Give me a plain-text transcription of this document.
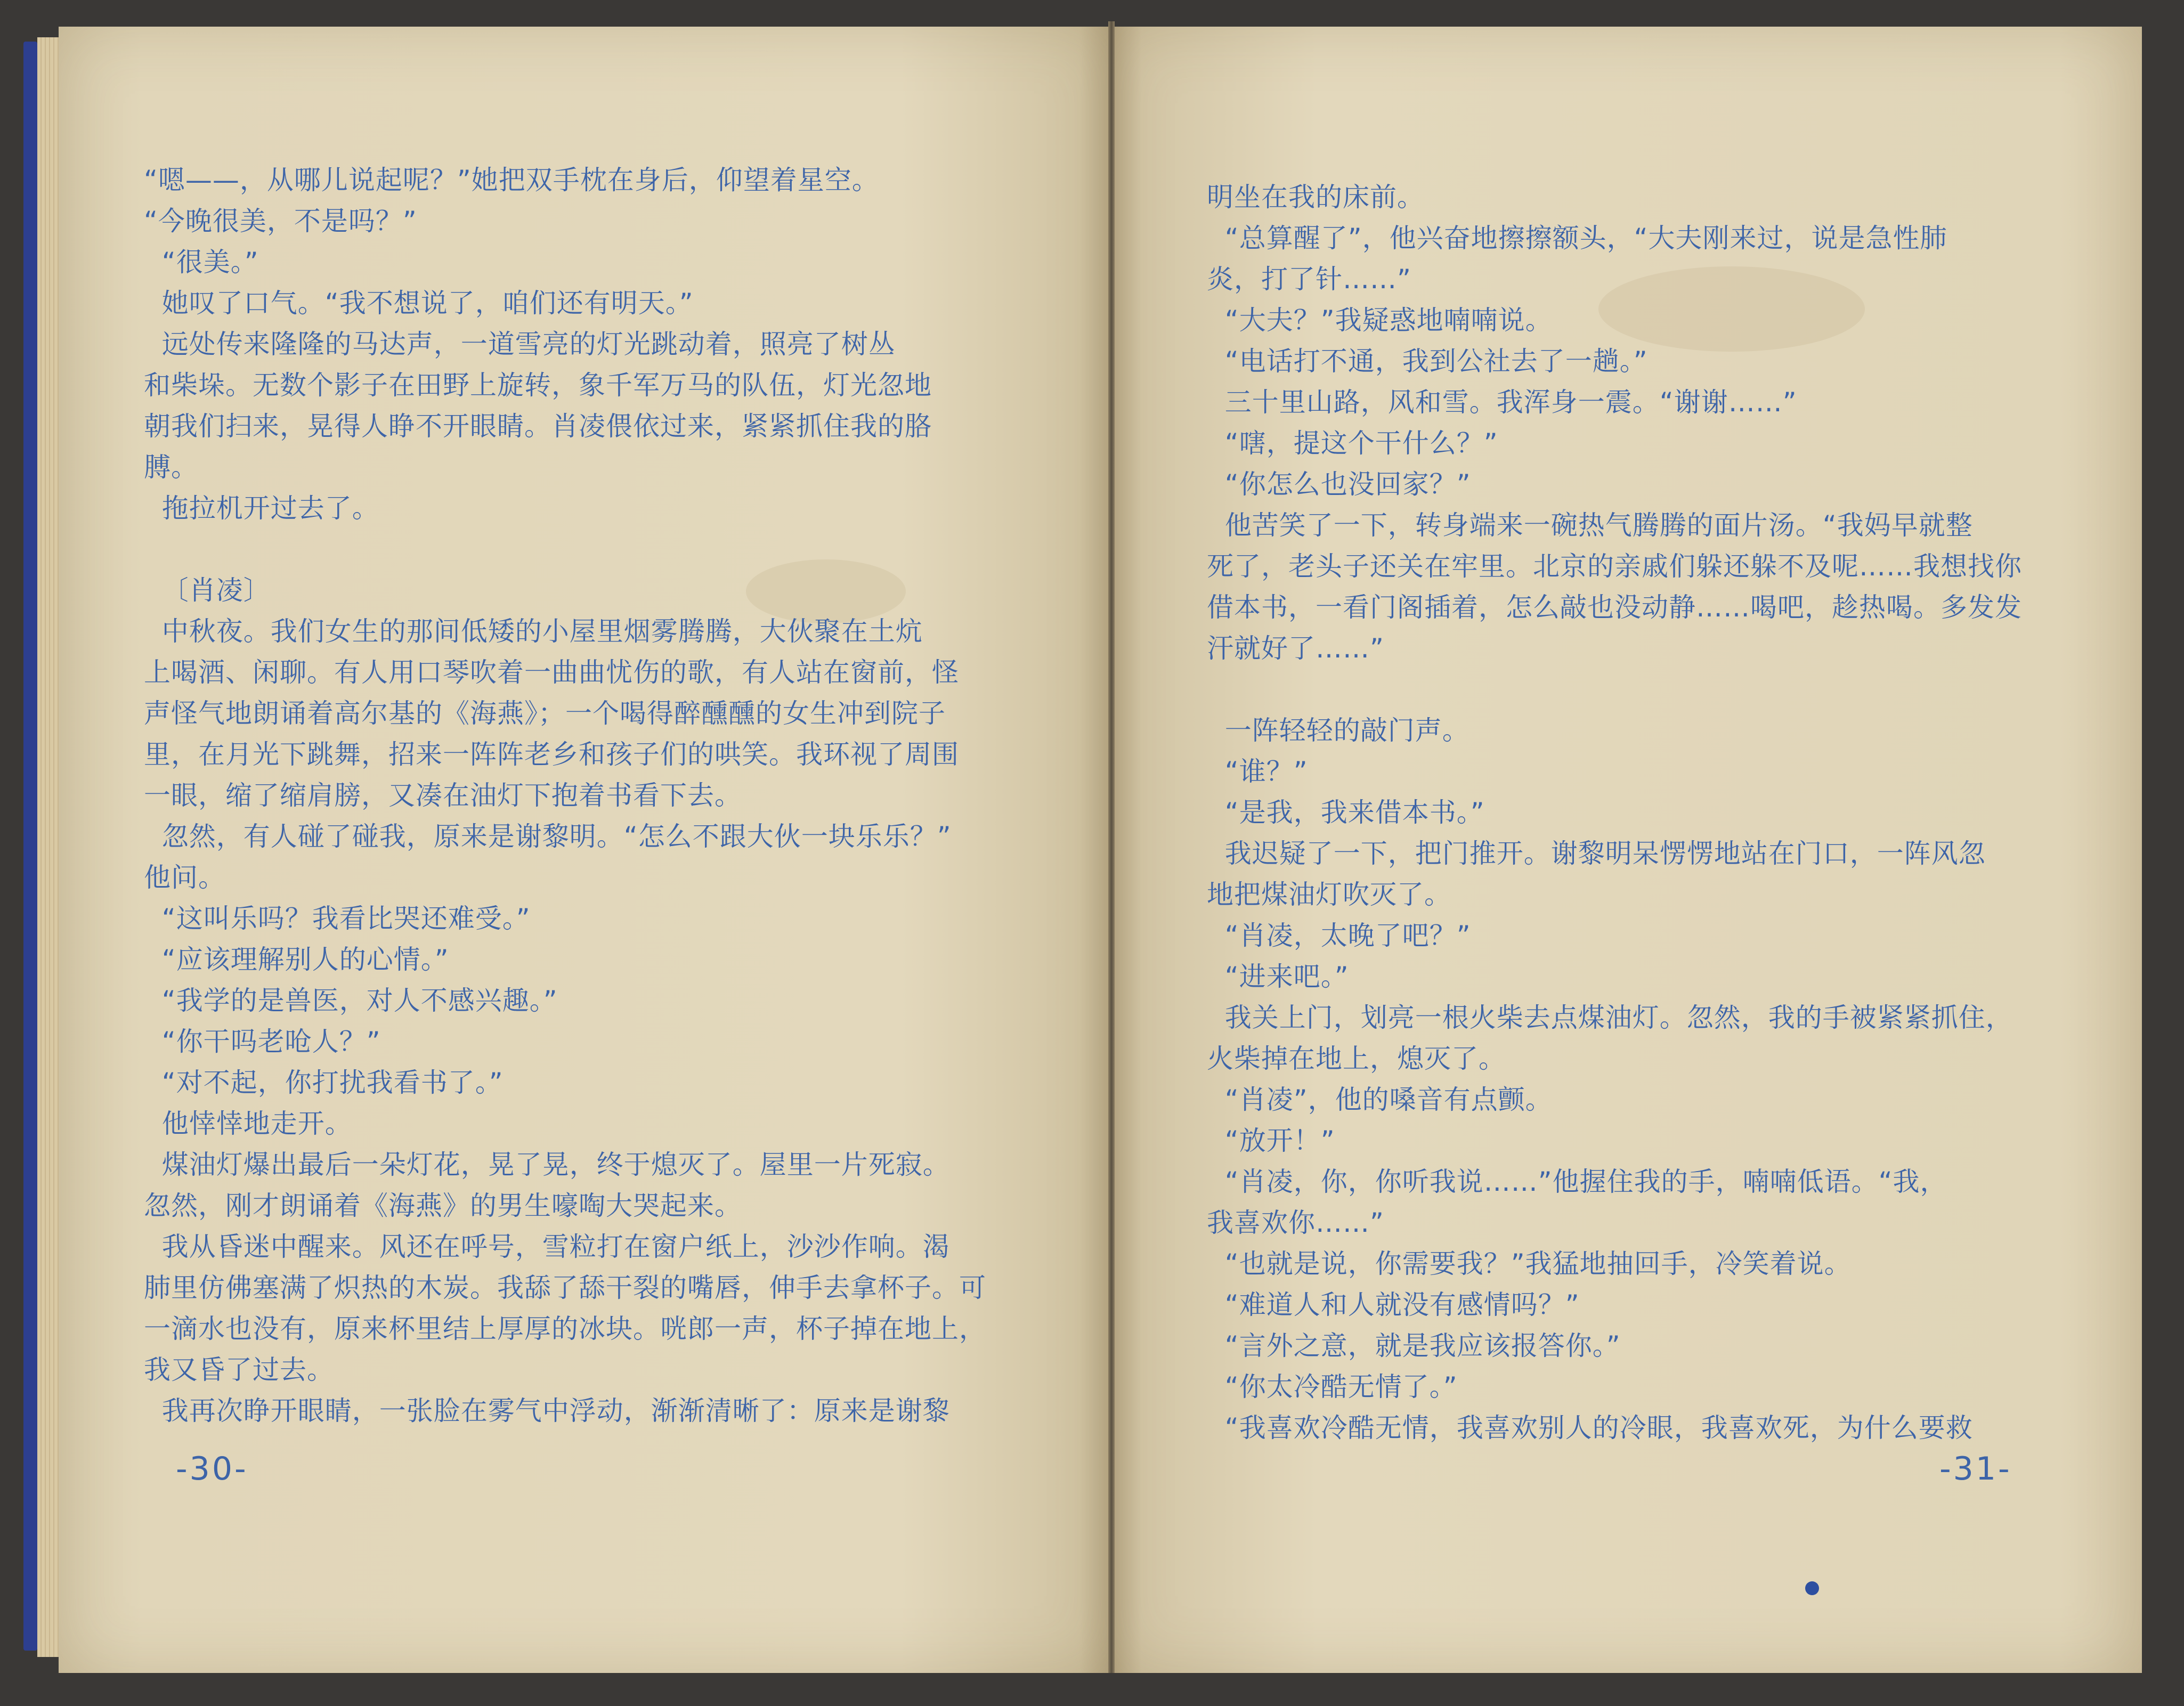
“嗯——，从哪儿说起呢？”她把双手枕在身后，仰望着星空。
“今晚很美，不是吗？”
“很美。”
她叹了口气。“我不想说了，咱们还有明天。”
远处传来隆隆的马达声，一道雪亮的灯光跳动着，照亮了树丛
和柴垛。无数个影子在田野上旋转，象千军万马的队伍，灯光忽地
朝我们扫来，晃得人睁不开眼睛。肖凌偎依过来，紧紧抓住我的胳
膊。
拖拉机开过去了。
〔肖凌〕
中秋夜。我们女生的那间低矮的小屋里烟雾腾腾，大伙聚在土炕
上喝酒、闲聊。有人用口琴吹着一曲曲忧伤的歌，有人站在窗前，怪
声怪气地朗诵着高尔基的《海燕》；一个喝得醉醺醺的女生冲到院子
里，在月光下跳舞，招来一阵阵老乡和孩子们的哄笑。我环视了周围
一眼，缩了缩肩膀，又凑在油灯下抱着书看下去。
忽然，有人碰了碰我，原来是谢黎明。“怎么不跟大伙一块乐乐？”
他问。
“这叫乐吗？我看比哭还难受。”
“应该理解别人的心情。”
“我学的是兽医，对人不感兴趣。”
“你干吗老呛人？”
“对不起，你打扰我看书了。”
他悻悻地走开。
煤油灯爆出最后一朵灯花，晃了晃，终于熄灭了。屋里一片死寂。
忽然，刚才朗诵着《海燕》的男生嚎啕大哭起来。
我从昏迷中醒来。风还在呼号，雪粒打在窗户纸上，沙沙作响。渴
肺里仿佛塞满了炽热的木炭。我舔了舔干裂的嘴唇，伸手去拿杯子。可
一滴水也没有，原来杯里结上厚厚的冰块。咣郎一声，杯子掉在地上，
我又昏了过去。
我再次睁开眼睛，一张脸在雾气中浮动，渐渐清晰了：原来是谢黎
明坐在我的床前。
“总算醒了”，他兴奋地擦擦额头，“大夫刚来过，说是急性肺
炎，打了针……”
“大夫？”我疑惑地喃喃说。
“电话打不通，我到公社去了一趟。”
三十里山路，风和雪。我浑身一震。“谢谢……”
“嗐，提这个干什么？”
“你怎么也没回家？”
他苦笑了一下，转身端来一碗热气腾腾的面片汤。“我妈早就整
死了，老头子还关在牢里。北京的亲戚们躲还躲不及呢……我想找你
借本书，一看门阁插着，怎么敲也没动静……喝吧，趁热喝。多发发
汗就好了……”
一阵轻轻的敲门声。
“谁？”
“是我，我来借本书。”
我迟疑了一下，把门推开。谢黎明呆愣愣地站在门口，一阵风忽
地把煤油灯吹灭了。
“肖凌，太晚了吧？”
“进来吧。”
我关上门，划亮一根火柴去点煤油灯。忽然，我的手被紧紧抓住，
火柴掉在地上，熄灭了。
“肖凌”，他的嗓音有点颤。
“放开！”
“肖凌，你，你听我说……”他握住我的手，喃喃低语。“我，
我喜欢你……”
“也就是说，你需要我？”我猛地抽回手，冷笑着说。
“难道人和人就没有感情吗？”
“言外之意，就是我应该报答你。”
“你太冷酷无情了。”
“我喜欢冷酷无情，我喜欢别人的冷眼，我喜欢死，为什么要救
-30-	-31-
